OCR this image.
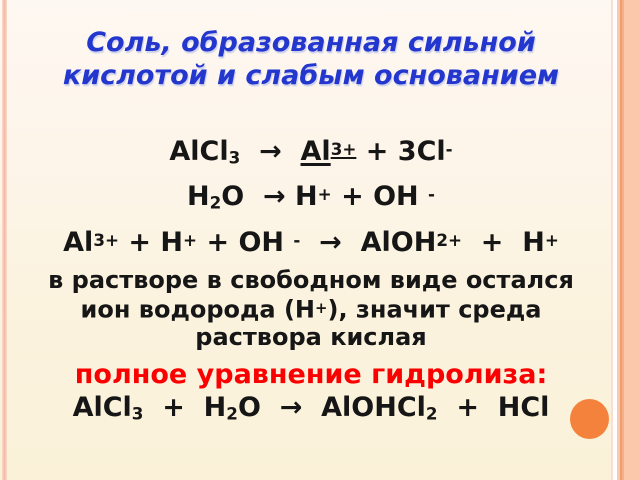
Соль, образованная сильной
кислотой и слабым основанием
AlCl3  →  Al3+ + 3Cl-
H2O  → H+ + OH -
Al3+ + H+ + OH -  →  AlOH2+  +  H+
в растворе в свободном виде остался
ион водорода (Н+), значит среда
раствора кислая
полное уравнение гидролиза:
AlCl3  +  H2O  →  AlOHCl2  +  HCl
